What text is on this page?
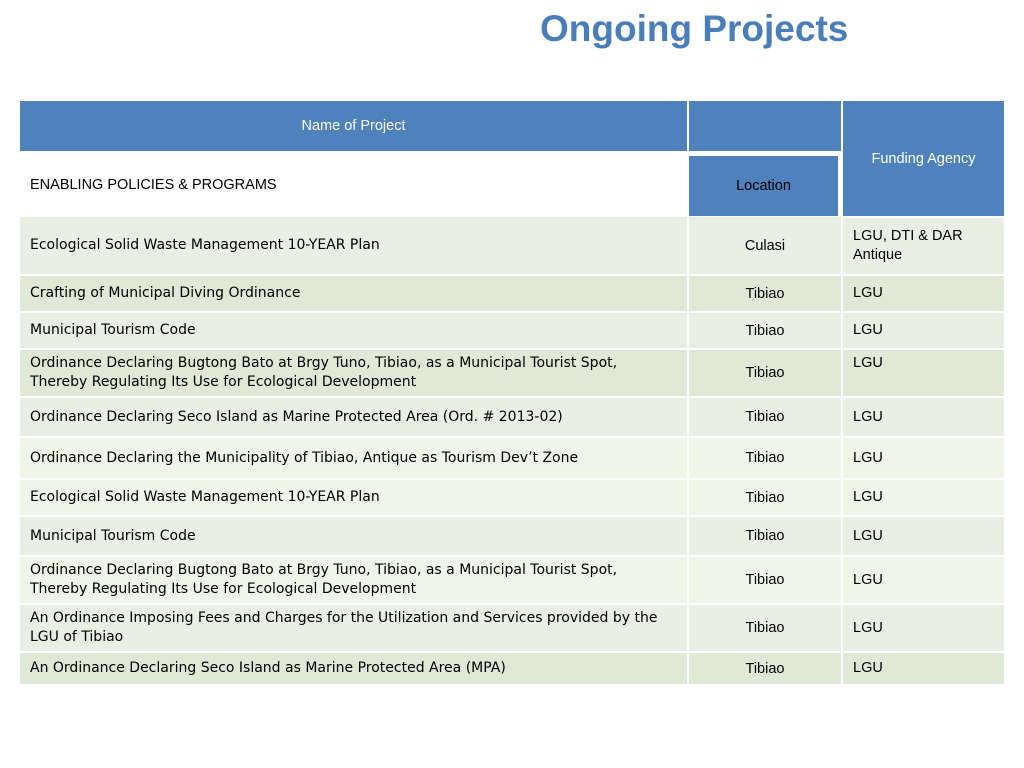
Ongoing Projects
Name of Project		Funding Agency
ENABLING POLICIES & PROGRAMS	Location	

Ecological Solid Waste Management 10-YEAR Plan	Culasi	LGU, DTI & DAR Antique
Crafting of Municipal Diving Ordinance	Tibiao	LGU
Municipal Tourism Code	Tibiao	LGU
Ordinance Declaring Bugtong Bato at Brgy Tuno, Tibiao, as a Municipal Tourist Spot, Thereby Regulating Its Use for Ecological Development	Tibiao	LGU
Ordinance Declaring Seco Island as Marine Protected Area (Ord. # 2013-02)	Tibiao	LGU
Ordinance Declaring the Municipality of Tibiao, Antique as Tourism Dev’t Zone	Tibiao	LGU
Ecological Solid Waste Management 10-YEAR Plan	Tibiao	LGU
Municipal Tourism Code	Tibiao	LGU
Ordinance Declaring Bugtong Bato at Brgy Tuno, Tibiao, as a Municipal Tourist Spot, Thereby Regulating Its Use for Ecological Development	Tibiao	LGU
An Ordinance Imposing Fees and Charges for the Utilization and Services provided by the LGU of Tibiao	Tibiao	LGU
An Ordinance Declaring Seco Island as Marine Protected Area (MPA)	Tibiao	LGU
